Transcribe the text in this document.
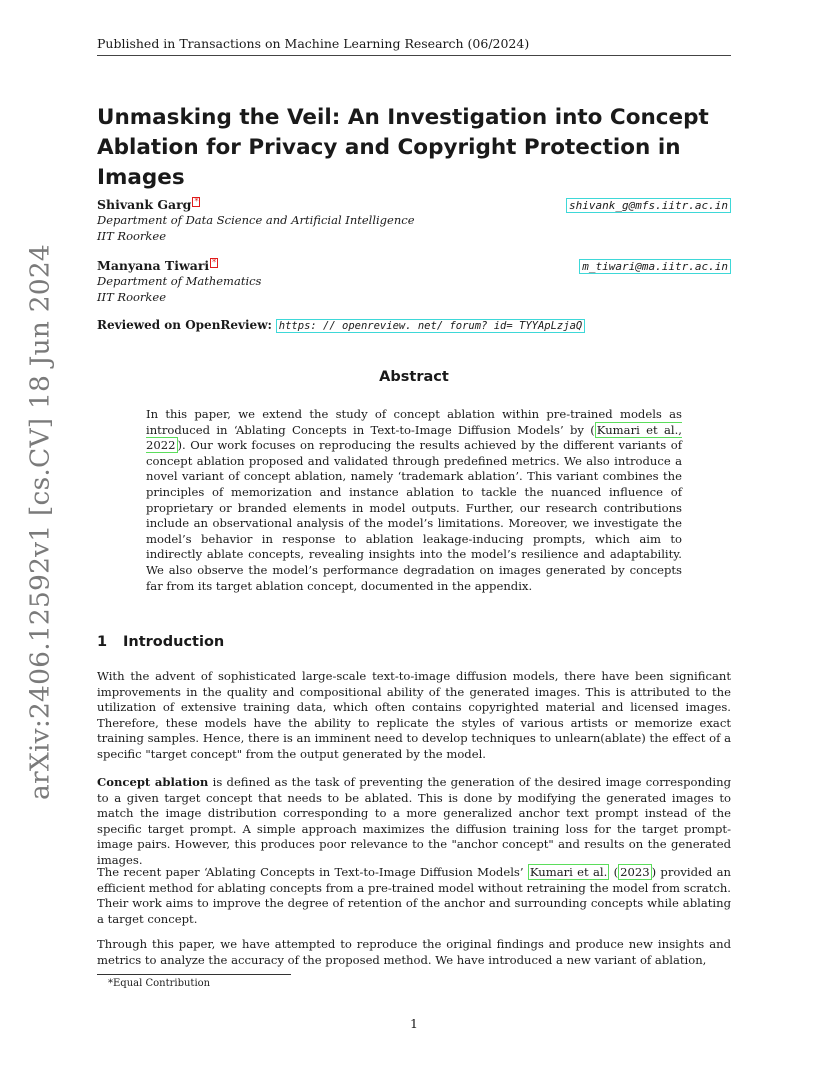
Published in Transactions on Machine Learning Research (06/2024)
Unmasking the Veil: An Investigation into Concept Ablation for Privacy and Copyright Protection in Images
Shivank Garg *	shivank_g@mfs.iitr.ac.in
Department of Data Science and Artificial Intelligence
IIT Roorkee
Manyana Tiwari *	m_tiwari@ma.iitr.ac.in
Department of Mathematics
IIT Roorkee
Reviewed on OpenReview: https: // openreview. net/ forum? id= TYYApLzjaQ
Abstract

In this paper, we extend the study of concept ablation within pre-trained models as introduced in ‘Ablating Concepts in Text-to-Image Diffusion Models’ by ( Kumari et al., 2022 ). Our work focuses on reproducing the results achieved by the different variants of concept ablation proposed and validated through predefined metrics. We also introduce a novel variant of concept ablation, namely ‘trademark ablation’. This variant combines the principles of memorization and instance ablation to tackle the nuanced influence of proprietary or branded elements in model outputs. Further, our research contributions include an observational analysis of the model’s limitations. Moreover, we investigate the model’s behavior in response to ablation leakage-inducing prompts, which aim to indirectly ablate concepts, revealing insights into the model’s resilience and adaptability. We also observe the model’s performance degradation on images generated by concepts far from its target ablation concept, documented in the appendix.

1 Introduction

With the advent of sophisticated large-scale text-to-image diffusion models, there have been significant improvements in the quality and compositional ability of the generated images. This is attributed to the utilization of extensive training data, which often contains copyrighted material and licensed images. Therefore, these models have the ability to replicate the styles of various artists or memorize exact training samples. Hence, there is an imminent need to develop techniques to unlearn(ablate) the effect of a specific "target concept" from the output generated by the model.

Concept ablation is defined as the task of preventing the generation of the desired image corresponding to a given target concept that needs to be ablated. This is done by modifying the generated images to match the image distribution corresponding to a more generalized anchor text prompt instead of the specific target prompt. A simple approach maximizes the diffusion training loss for the target prompt-image pairs. However, this produces poor relevance to the "anchor concept" and results on the generated images.

The recent paper ‘Ablating Concepts in Text-to-Image Diffusion Models’ Kumari et al. ( 2023 ) provided an efficient method for ablating concepts from a pre-trained model without retraining the model from scratch. Their work aims to improve the degree of retention of the anchor and surrounding concepts while ablating a target concept.

Through this paper, we have attempted to reproduce the original findings and produce new insights and metrics to analyze the accuracy of the proposed method. We have introduced a new variant of ablation,

*Equal Contribution
1
arXiv:2406.12592v1 [cs.CV] 18 Jun 2024
